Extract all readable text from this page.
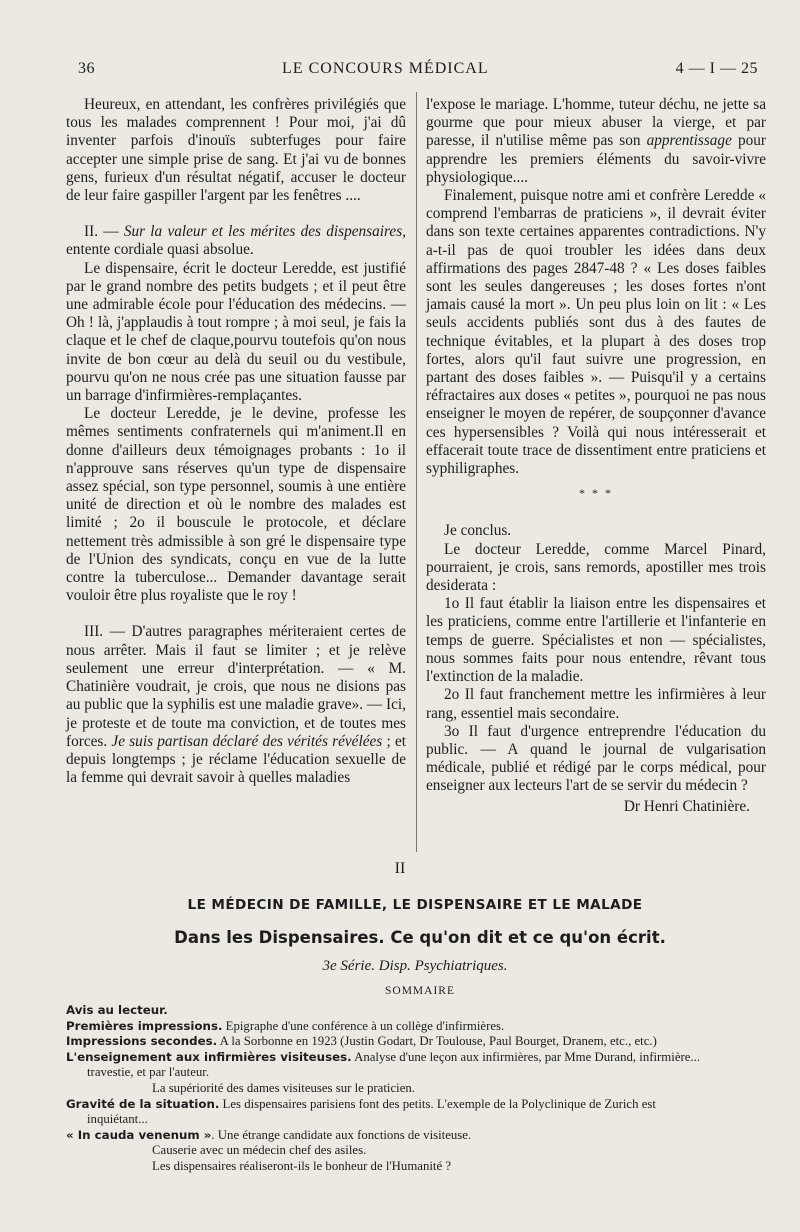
36	LE CONCOURS MÉDICAL	4 — I — 25

Heureux, en attendant, les confrères privilégiés que tous les malades comprennent ! Pour moi, j'ai dû inventer parfois d'inouïs subterfuges pour faire accepter une simple prise de sang. Et j'ai vu de bonnes gens, furieux d'un résultat négatif, accuser le docteur de leur faire gaspiller l'argent par les fenêtres ....

II. — Sur la valeur et les mérites des dispensaires, entente cordiale quasi absolue.

Le dispensaire, écrit le docteur Leredde, est justifié par le grand nombre des petits budgets ; et il peut être une admirable école pour l'éducation des médecins. — Oh ! là, j'applaudis à tout rompre ; à moi seul, je fais la claque et le chef de claque,pourvu toutefois qu'on nous invite de bon cœur au delà du seuil ou du vestibule, pourvu qu'on ne nous crée pas une situation fausse par un barrage d'infirmières-remplaçantes.

Le docteur Leredde, je le devine, professe les mêmes sentiments confraternels qui m'animent.Il en donne d'ailleurs deux témoignages probants : 1o il n'approuve sans réserves qu'un type de dispensaire assez spécial, son type personnel, soumis à une entière unité de direction et où le nombre des malades est limité ; 2o il bouscule le protocole, et déclare nettement très admissible à son gré le dispensaire type de l'Union des syndicats, conçu en vue de la lutte contre la tuberculose... Demander davantage serait vouloir être plus royaliste que le roy !

III. — D'autres paragraphes mériteraient certes de nous arrêter. Mais il faut se limiter ; et je relève seulement une erreur d'interprétation. — « M. Chatinière voudrait, je crois, que nous ne disions pas au public que la syphilis est une maladie grave». — Ici, je proteste et de toute ma conviction, et de toutes mes forces. Je suis partisan déclaré des vérités révélées ; et depuis longtemps ; je réclame l'éducation sexuelle de la femme qui devrait savoir à quelles maladies

l'expose le mariage. L'homme, tuteur déchu, ne jette sa gourme que pour mieux abuser la vierge, et par paresse, il n'utilise même pas son apprentissage pour apprendre les premiers éléments du savoir-vivre physiologique....

Finalement, puisque notre ami et confrère Leredde « comprend l'embarras de praticiens », il devrait éviter dans son texte certaines apparentes contradictions. N'y a-t-il pas de quoi troubler les idées dans deux affirmations des pages 2847-48 ? « Les doses faibles sont les seules dangereuses ; les doses fortes n'ont jamais causé la mort ». Un peu plus loin on lit : « Les seuls accidents publiés sont dus à des fautes de technique évitables, et la plupart à des doses trop fortes, alors qu'il faut suivre une progression, en partant des doses faibles ». — Puisqu'il y a certains réfractaires aux doses « petites », pourquoi ne pas nous enseigner le moyen de repérer, de soupçonner d'avance ces hypersensibles ? Voilà qui nous intéresserait et effacerait toute trace de dissentiment entre praticiens et syphiligraphes.

* * *

Je conclus.

Le docteur Leredde, comme Marcel Pinard, pourraient, je crois, sans remords, apostiller mes trois desiderata :

1o Il faut établir la liaison entre les dispensaires et les praticiens, comme entre l'artillerie et l'infanterie en temps de guerre. Spécialistes et non — spécialistes, nous sommes faits pour nous entendre, rêvant tous l'extinction de la maladie.

2o Il faut franchement mettre les infirmières à leur rang, essentiel mais secondaire.

3o Il faut d'urgence entreprendre l'éducation du public. — A quand le journal de vulgarisation médicale, publié et rédigé par le corps médical, pour enseigner aux lecteurs l'art de se servir du médecin ?

Dr Henri Chatinière.
II
LE MÉDECIN DE FAMILLE, LE DISPENSAIRE ET LE MALADE
Dans les Dispensaires. Ce qu'on dit et ce qu'on écrit.
3e Série. Disp. Psychiatriques.
SOMMAIRE
Avis au lecteur.
Premières impressions. Epigraphe d'une conférence à un collège d'infirmières.
Impressions secondes. A la Sorbonne en 1923 (Justin Godart, Dr Toulouse, Paul Bourget, Dranem, etc., etc.)
L'enseignement aux infirmières visiteuses. Analyse d'une leçon aux infirmières, par Mme Durand, infirmière...
travestie, et par l'auteur.
La supériorité des dames visiteuses sur le praticien.
Gravité de la situation. Les dispensaires parisiens font des petits. L'exemple de la Polyclinique de Zurich est
inquiétant...
« In cauda venenum ». Une étrange candidate aux fonctions de visiteuse.
Causerie avec un médecin chef des asiles.
Les dispensaires réaliseront-ils le bonheur de l'Humanité ?
